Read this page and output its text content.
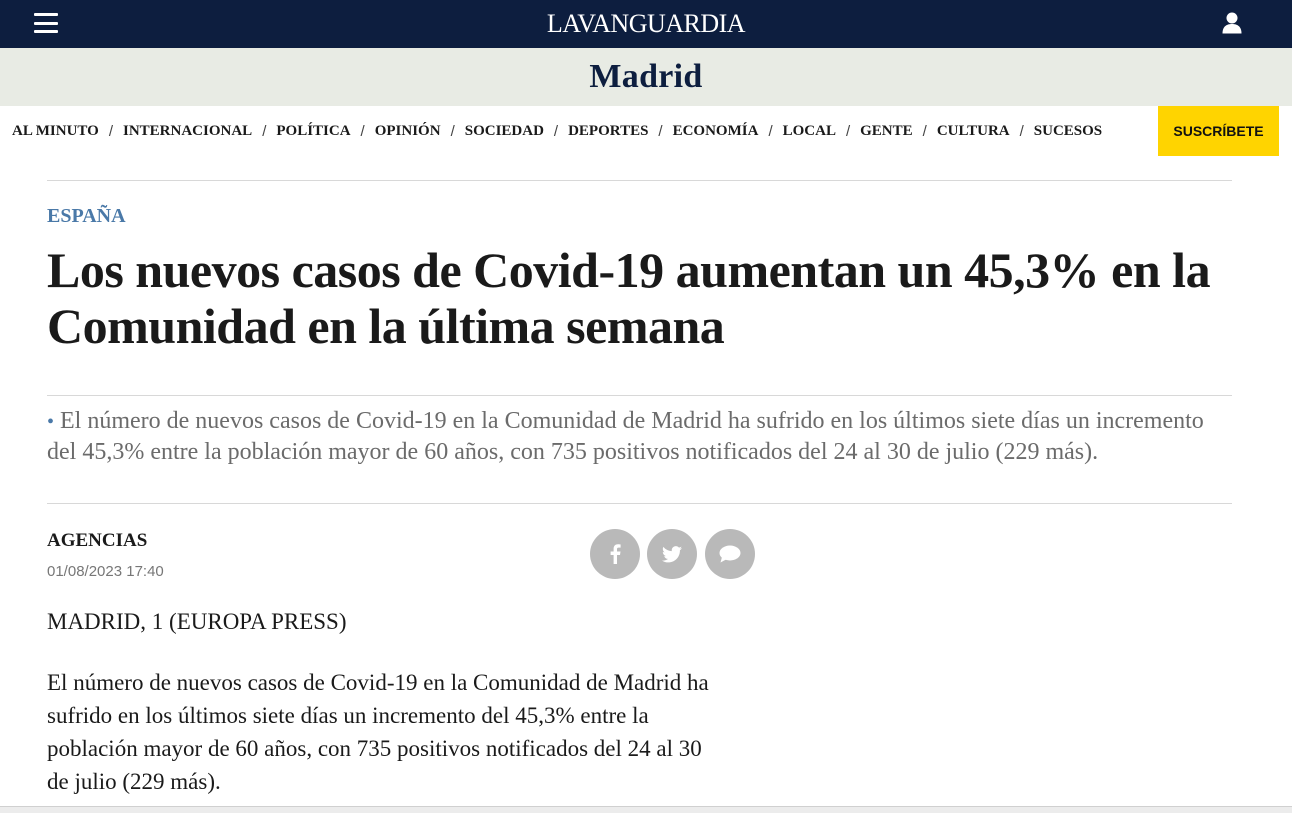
LAVANGUARDIA
Madrid
AL MINUTO / INTERNACIONAL / POLÍTICA / OPINIÓN / SOCIEDAD / DEPORTES / ECONOMÍA / LOCAL / GENTE / CULTURA / SUCESOS	SUSCRÍBETE
ESPAÑA
Los nuevos casos de Covid-19 aumentan un 45,3% en la Comunidad en la última semana

• El número de nuevos casos de Covid-19 en la Comunidad de Madrid ha sufrido en los últimos siete días un incremento del 45,3% entre la población mayor de 60 años, con 735 positivos notificados del 24 al 30 de julio (229 más).

AGENCIAS
01/08/2023 17:40
MADRID, 1 (EUROPA PRESS)

El número de nuevos casos de Covid-19 en la Comunidad de Madrid ha sufrido en los últimos siete días un incremento del 45,3% entre la población mayor de 60 años, con 735 positivos notificados del 24 al 30 de julio (229 más).
